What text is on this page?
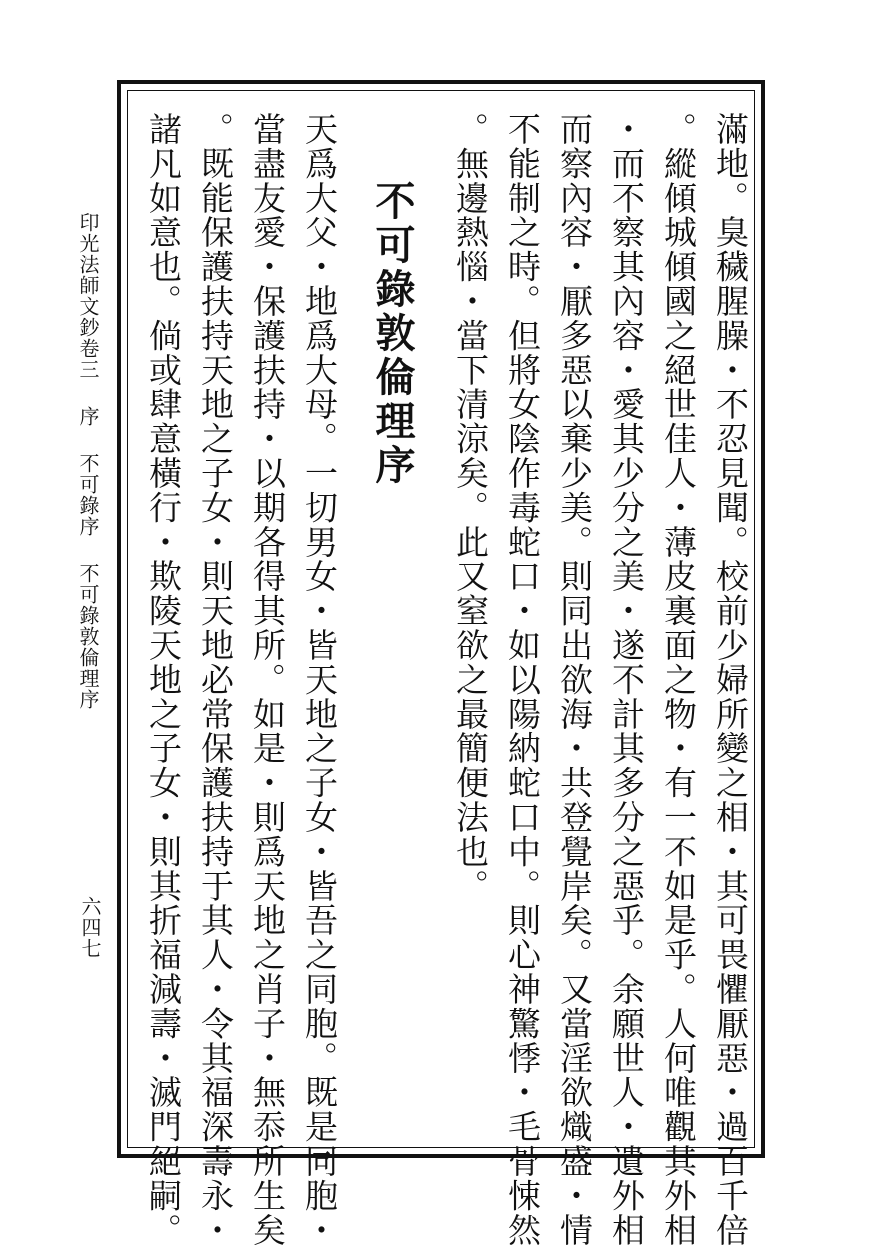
印光法師文鈔卷三序不可錄序不可錄敦倫理序
六四七	滿地。臭穢腥臊・不忍見聞。校前少婦所變之相・其可畏懼厭惡・過百千倍

。縱傾城傾國之絕世佳人・薄皮裏面之物・有一不如是乎。人何唯觀其外相

・而不察其內容・愛其少分之美・遂不計其多分之惡乎。余願世人・遺外相

而察內容・厭多惡以棄少美。則同出欲海・共登覺岸矣。又當淫欲熾盛・情

不能制之時。但將女陰作毒蛇口・如以陽納蛇口中。則心神驚悸・毛骨悚然

。無邊熱惱・當下清涼矣。此又窒欲之最簡便法也。

不可錄敦倫理序

天爲大父・地爲大母。一切男女・皆天地之子女・皆吾之同胞。既是同胞・

當盡友愛・保護扶持・以期各得其所。如是・則爲天地之肖子・無忝所生矣

。既能保護扶持天地之子女・則天地必常保護扶持于其人・令其福深壽永・

諸凡如意也。倘或肆意橫行・欺陵天地之子女・則其折福減壽・滅門絕嗣。
